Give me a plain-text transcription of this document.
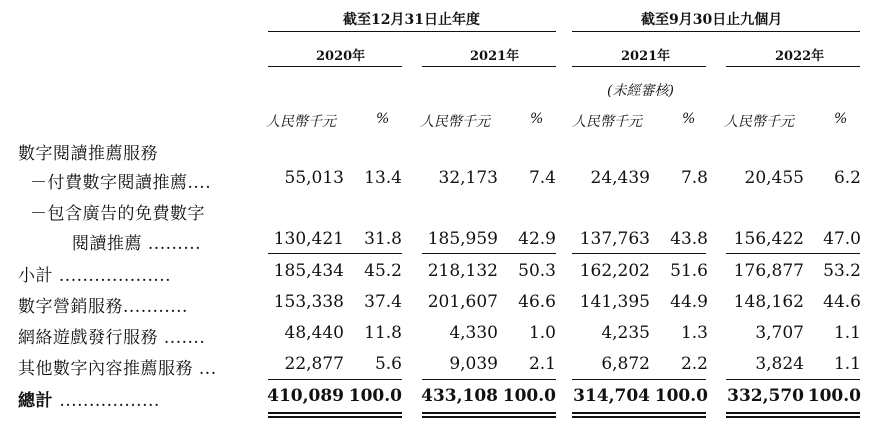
截至12月31日止年度	截至9月30日止九個月
2020年	2021年	2021年	2022年
(未經審核)
人民幣千元	% 人民幣千元	% 人民幣千元	% 人民幣千元	%
數字閱讀推薦服務
－付費數字閱讀推薦....	55,013 13.4 32,173 7.4 24,439 7.8 20,455 6.2
－包含廣告的免費數字
閱讀推薦 .........	130,421 31.8 185,959 42.9 137,763 43.8 156,422 47.0
小計 ...................	185,434 45.2 218,132 50.3 162,202 51.6 176,877 53.2
數字營銷服務...........	153,338 37.4 201,607 46.6 141,395 44.9 148,162 44.6
網絡遊戲發行服務 .......	48,440 11.8	4,330 1.0	4,235 1.3	3,707 1.1
其他數字內容推薦服務 ...	22,877 5.6	9,039 2.1	6,872 2.2	3,824 1.1
總計 .................	410,089 100.0 433,108 100.0 314,704 100.0 332,570 100.0
